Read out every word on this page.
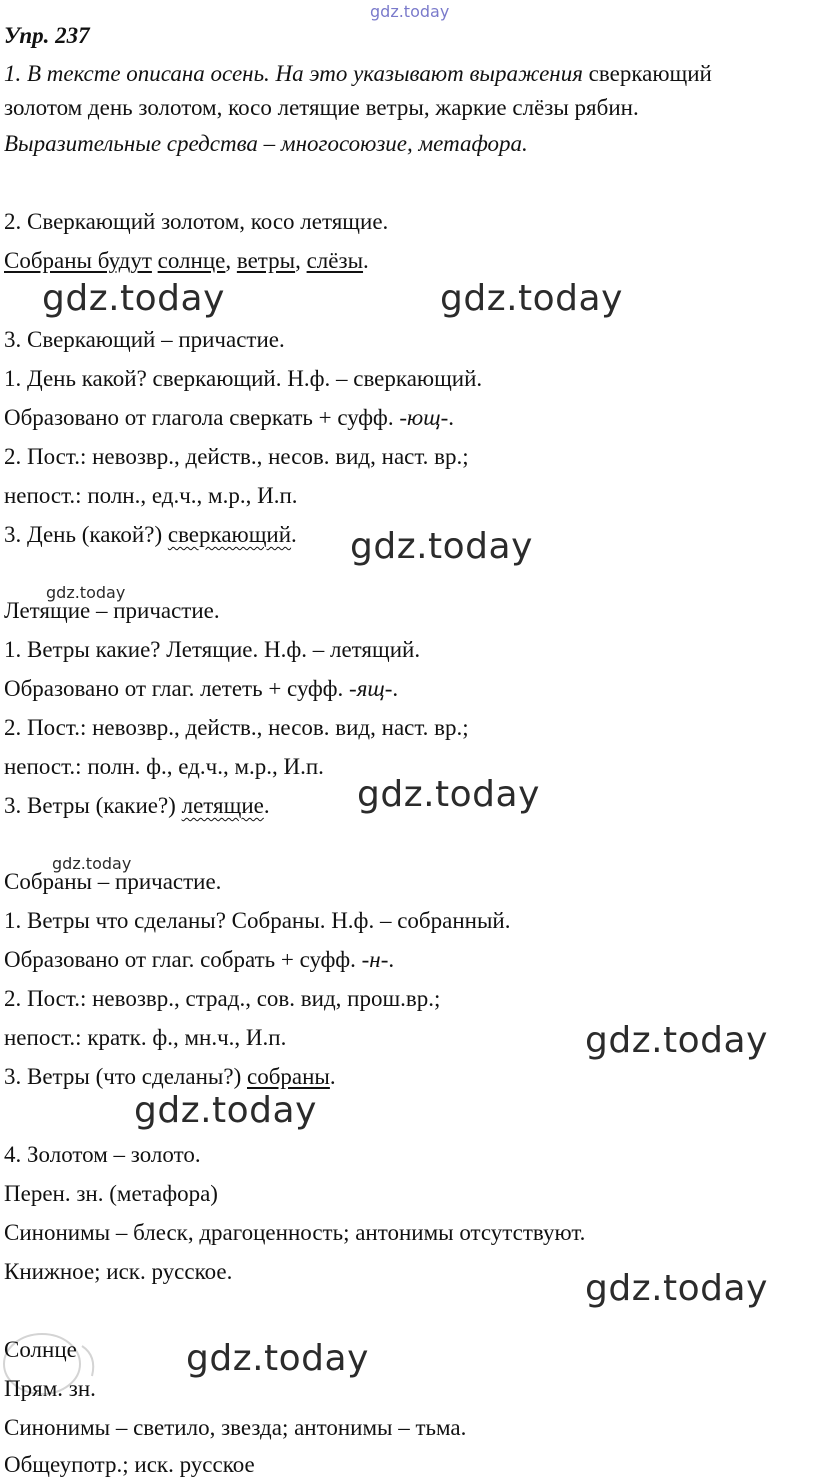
gdz.today
Упр. 237
1. В тексте описана осень. На это указывают выражения сверкающий
золотом день золотом, косо летящие ветры, жаркие слёзы рябин.
Выразительные средства – многосоюзие, метафора.
2. Сверкающий золотом, косо летящие.
Собраны будут солнце, ветры, слёзы.
gdz.today	gdz.today
3. Сверкающий – причастие.
1. День какой? сверкающий. Н.ф. – сверкающий.
Образовано от глагола сверкать + суфф. -ющ-.
2. Пост.: невозвр., действ., несов. вид, наст. вр.;
непост.: полн., ед.ч., м.р., И.п.
3. День (какой?) сверкающий. gdz.today
gdz.today
Летящие – причастие.
1. Ветры какие? Летящие. Н.ф. – летящий.
Образовано от глаг. лететь + суфф. -ящ-.
2. Пост.: невозвр., действ., несов. вид, наст. вр.;
непост.: полн. ф., ед.ч., м.р., И.п.
3. Ветры (какие?) летящие. gdz.today
gdz.today
Собраны – причастие.
1. Ветры что сделаны? Собраны. Н.ф. – собранный.
Образовано от глаг. собрать + суфф. -н-.
2. Пост.: невозвр., страд., сов. вид, прош.вр.;
непост.: кратк. ф., мн.ч., И.п.	gdz.today
3. Ветры (что сделаны?) собраны.
gdz.today
4. Золотом – золото.
Перен. зн. (метафора)
Синонимы – блеск, драгоценность; антонимы отсутствуют.
Книжное; иск. русское.	gdz.today
Солнце	gdz.today
Прям. зн.
Синонимы – светило, звезда; антонимы – тьма.
Общеупотр.; иск. русское
